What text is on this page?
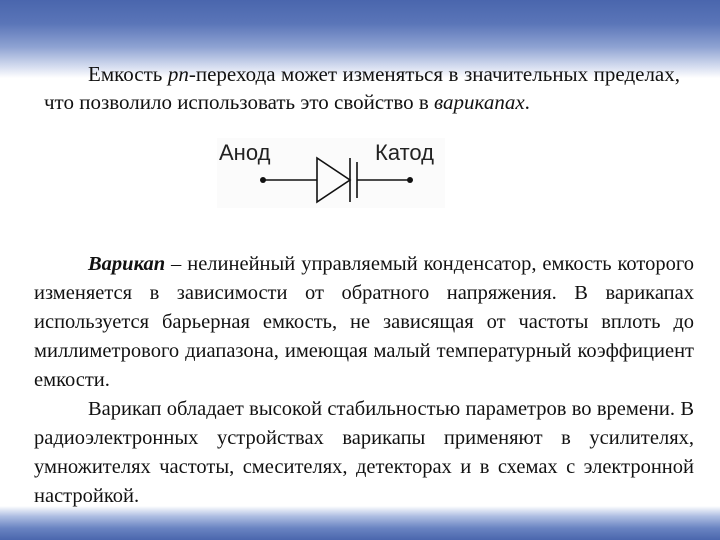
Емкость pn-перехода может изменяться в значительных пределах, что позволило использовать это свойство в варикапах.

Анод	Катод

Варикап – нелинейный управляемый конденсатор, емкость которого изменяется в зависимости от обратного напряжения. В варикапах используется барьерная емкость, не зависящая от частоты вплоть до миллиметрового диапазона, имеющая малый температурный коэффициент емкости.

Варикап обладает высокой стабильностью параметров во времени. В радиоэлектронных устройствах варикапы применяют в усилителях, умножителях частоты, смесителях, детекторах и в схемах с электронной настройкой.
